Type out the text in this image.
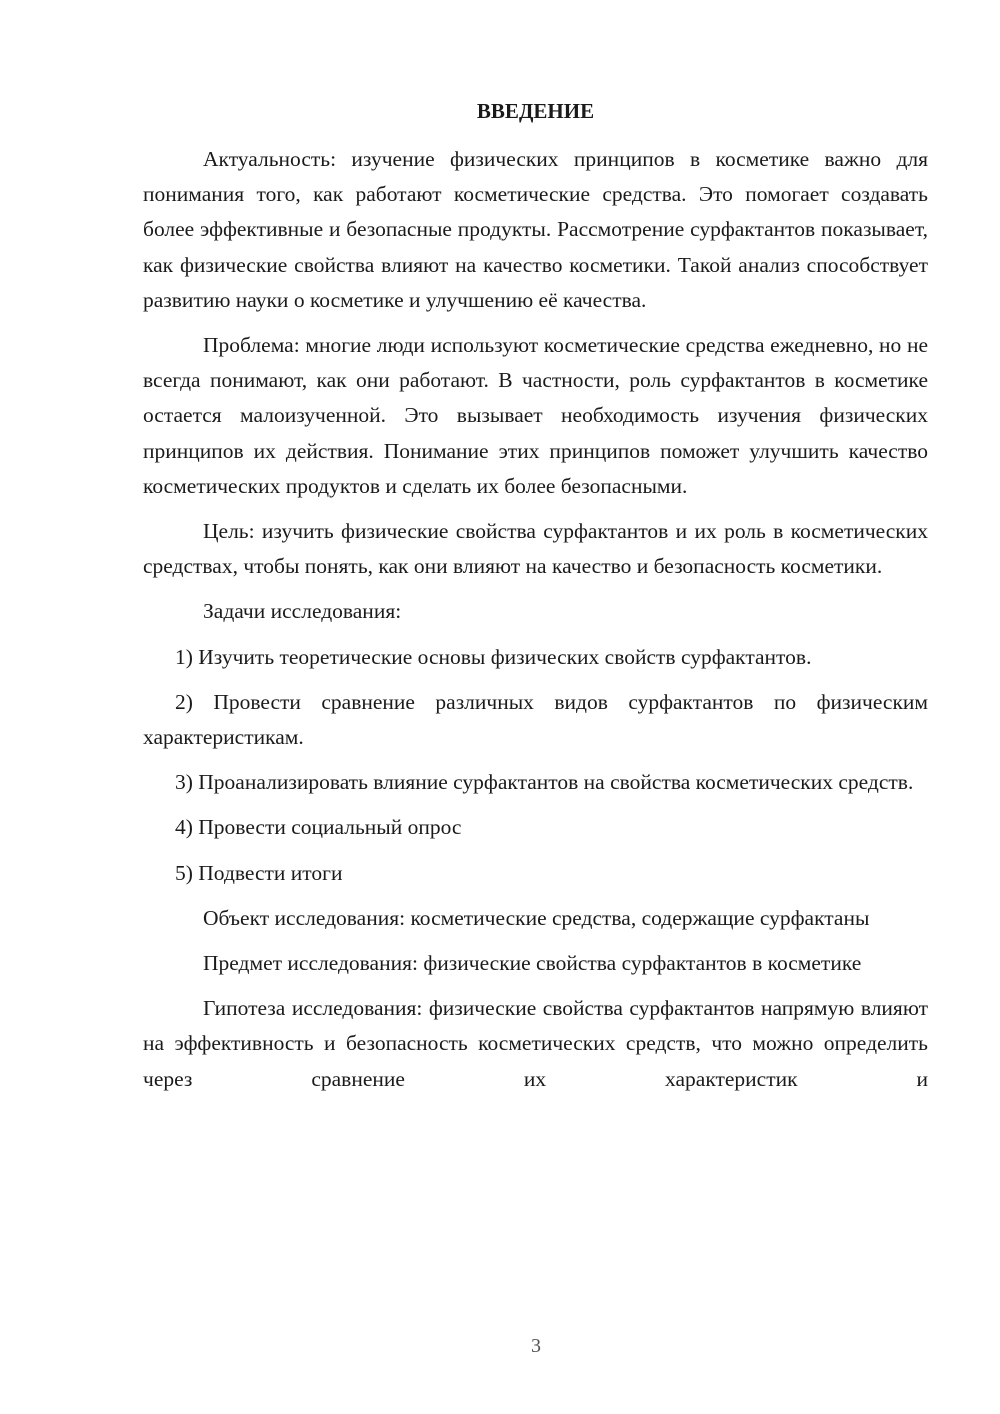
ВВЕДЕНИЕ

Актуальность: изучение физических принципов в косметике важно для понимания того, как работают косметические средства. Это помогает создавать более эффективные и безопасные продукты. Рассмотрение сурфактантов показывает, как физические свойства влияют на качество косметики. Такой анализ способствует развитию науки о косметике и улучшению её качества.

Проблема: многие люди используют косметические средства ежедневно, но не всегда понимают, как они работают. В частности, роль сурфактантов в косметике остается малоизученной. Это вызывает необходимость изучения физических принципов их действия. Понимание этих принципов поможет улучшить качество косметических продуктов и сделать их более безопасными.

Цель: изучить физические свойства сурфактантов и их роль в косметических средствах, чтобы понять, как они влияют на качество и безопасность косметики.

Задачи исследования:

1) Изучить теоретические основы физических свойств сурфактантов.

2) Провести сравнение различных видов сурфактантов по физическим характеристикам.

3) Проанализировать влияние сурфактантов на свойства косметических средств.

4) Провести социальный опрос

5) Подвести итоги

Объект исследования: косметические средства, содержащие сурфактаны

Предмет исследования: физические свойства сурфактантов в косметике

Гипотеза исследования: физические свойства сурфактантов напрямую влияют на эффективность и безопасность косметических средств, что можно определить через сравнение их характеристик и

3
